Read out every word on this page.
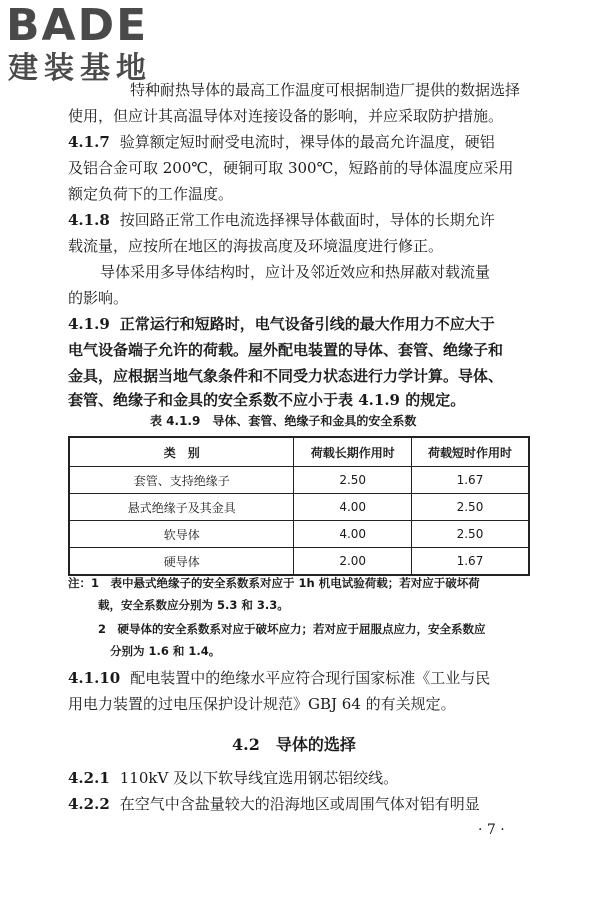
BADE
建装基地
特种耐热导体的最高工作温度可根据制造厂提供的数据选择
使用，但应计其高温导体对连接设备的影响，并应采取防护措施。
4.1.7 验算额定短时耐受电流时，裸导体的最高允许温度，硬铝
及铝合金可取 200℃，硬铜可取 300℃，短路前的导体温度应采用
额定负荷下的工作温度。
4.1.8 按回路正常工作电流选择裸导体截面时，导体的长期允许
载流量，应按所在地区的海拔高度及环境温度进行修正。
导体采用多导体结构时，应计及邻近效应和热屏蔽对载流量
的影响。
4.1.9 正常运行和短路时，电气设备引线的最大作用力不应大于
电气设备端子允许的荷载。屋外配电装置的导体、套管、绝缘子和
金具，应根据当地气象条件和不同受力状态进行力学计算。导体、
套管、绝缘子和金具的安全系数不应小于表 4.1.9 的规定。
表 4.1.9　导体、套管、绝缘子和金具的安全系数
类　别	荷载长期作用时	荷载短时作用时
套管、支持绝缘子	2.50	1.67
悬式绝缘子及其金具	4.00	2.50
软导体	4.00	2.50
硬导体	2.00	1.67
注：1　表中悬式绝缘子的安全系数系对应于 1h 机电试验荷载；若对应于破坏荷
载，安全系数应分别为 5.3 和 3.3。
2　硬导体的安全系数系对应于破坏应力；若对应于屈服点应力，安全系数应
分别为 1.6 和 1.4。
4.1.10 配电装置中的绝缘水平应符合现行国家标准《工业与民
用电力装置的过电压保护设计规范》GBJ 64 的有关规定。
4.2　导体的选择
4.2.1 110kV 及以下软导线宜选用钢芯铝绞线。
4.2.2 在空气中含盐量较大的沿海地区或周围气体对铝有明显
· 7 ·
